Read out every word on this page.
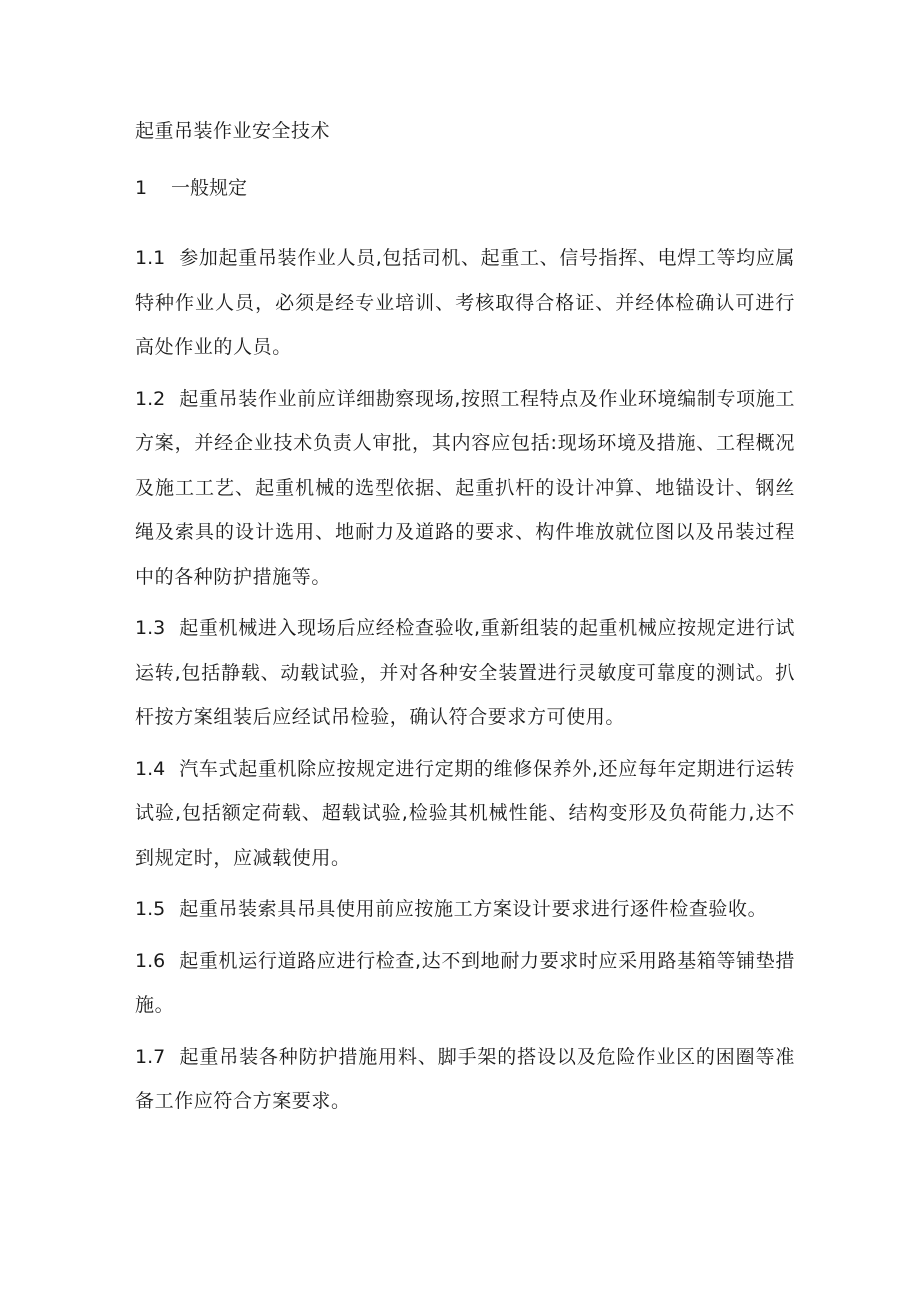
起重吊装作业安全技术
1 一般规定

1.1 参加起重吊装作业人员,包括司机、起重工、信号指挥、电焊工等均应属特种作业人员，必须是经专业培训、考核取得合格证、并经体检确认可进行高处作业的人员。

1.2 起重吊装作业前应详细勘察现场,按照工程特点及作业环境编制专项施工方案，并经企业技术负责人审批，其内容应包括:现场环境及措施、工程概况及施工工艺、起重机械的选型依据、起重扒杆的设计冲算、地锚设计、钢丝绳及索具的设计选用、地耐力及道路的要求、构件堆放就位图以及吊装过程中的各种防护措施等。

1.3 起重机械进入现场后应经检查验收,重新组装的起重机械应按规定进行试运转,包括静载、动载试验，并对各种安全装置进行灵敏度可靠度的测试。扒杆按方案组装后应经试吊检验，确认符合要求方可使用。

1.4 汽车式起重机除应按规定进行定期的维修保养外,还应每年定期进行运转试验,包括额定荷载、超载试验,检验其机械性能、结构变形及负荷能力,达不到规定时，应减载使用。

1.5 起重吊装索具吊具使用前应按施工方案设计要求进行逐件检查验收。

1.6 起重机运行道路应进行检查,达不到地耐力要求时应采用路基箱等铺垫措施。

1.7 起重吊装各种防护措施用料、脚手架的搭设以及危险作业区的困圈等准备工作应符合方案要求。
